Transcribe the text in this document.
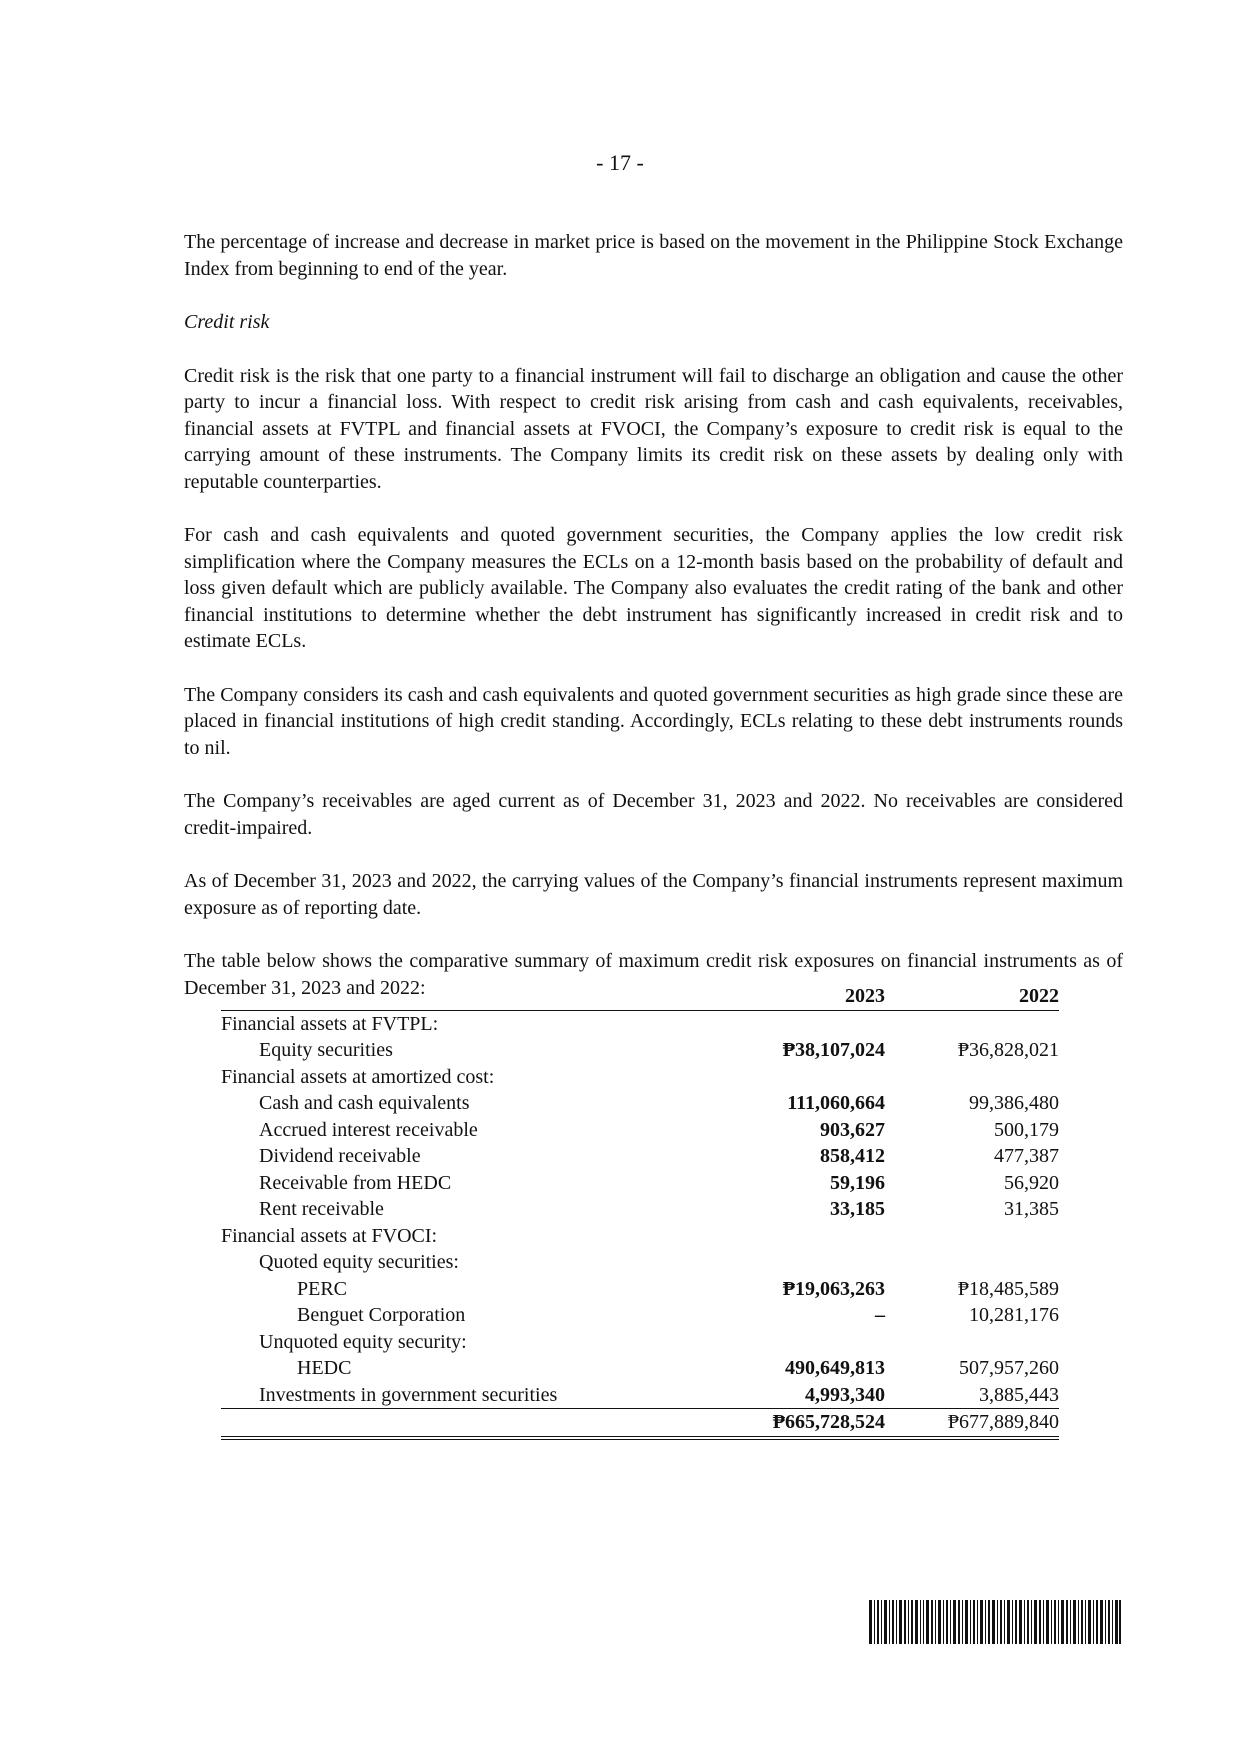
- 17 -

The percentage of increase and decrease in market price is based on the movement in the Philippine Stock Exchange Index from beginning to end of the year.

Credit risk

Credit risk is the risk that one party to a financial instrument will fail to discharge an obligation and cause the other party to incur a financial loss. With respect to credit risk arising from cash and cash equivalents, receivables, financial assets at FVTPL and financial assets at FVOCI, the Company’s exposure to credit risk is equal to the carrying amount of these instruments. The Company limits its credit risk on these assets by dealing only with reputable counterparties.

For cash and cash equivalents and quoted government securities, the Company applies the low credit risk simplification where the Company measures the ECLs on a 12-month basis based on the probability of default and loss given default which are publicly available. The Company also evaluates the credit rating of the bank and other financial institutions to determine whether the debt instrument has significantly increased in credit risk and to estimate ECLs.

The Company considers its cash and cash equivalents and quoted government securities as high grade since these are placed in financial institutions of high credit standing. Accordingly, ECLs relating to these debt instruments rounds to nil.

The Company’s receivables are aged current as of December 31, 2023 and 2022. No receivables are considered credit-impaired.

As of December 31, 2023 and 2022, the carrying values of the Company’s financial instruments represent maximum exposure as of reporting date.

The table below shows the comparative summary of maximum credit risk exposures on financial instruments as of December 31, 2023 and 2022:

		2023		2022
Financial assets at FVTPL:			
Equity securities	₱38,107,024		₱36,828,021
Financial assets at amortized cost:			
Cash and cash equivalents	111,060,664		99,386,480
Accrued interest receivable	903,627		500,179
Dividend receivable	858,412		477,387
Receivable from HEDC	59,196		56,920
Rent receivable	33,185		31,385
Financial assets at FVOCI:			
Quoted equity securities:			
PERC	₱19,063,263		₱18,485,589
Benguet Corporation	–		10,281,176
Unquoted equity security:			
HEDC	490,649,813		507,957,260
Investments in government securities	4,993,340		3,885,443
	₱665,728,524		₱677,889,840
